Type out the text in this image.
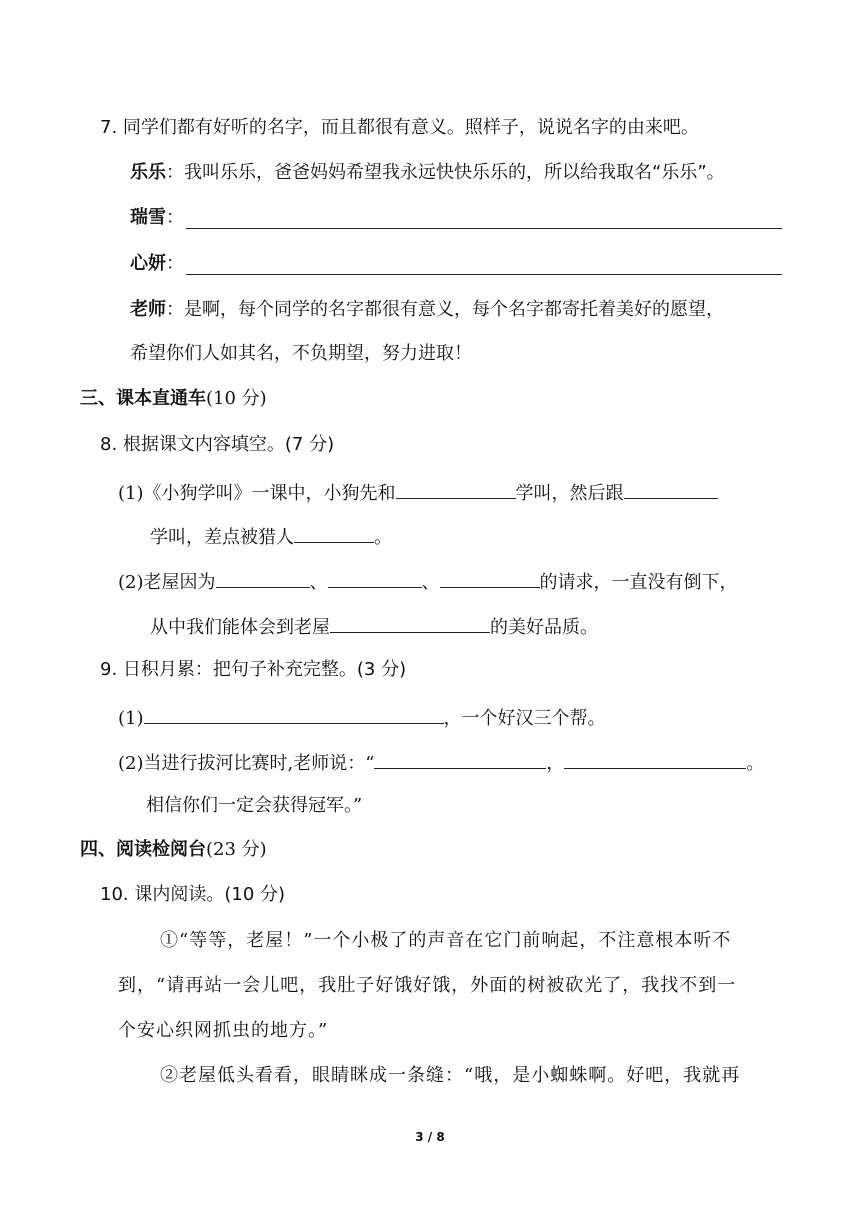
7. 同学们都有好听的名字，而且都很有意义。照样子，说说名字的由来吧。
乐乐：我叫乐乐，爸爸妈妈希望我永远快快乐乐的，所以给我取名“乐乐”。
瑞雪：
心妍：
老师：是啊，每个同学的名字都很有意义，每个名字都寄托着美好的愿望，
希望你们人如其名，不负期望，努力进取！
三、课本直通车(10 分)
8. 根据课文内容填空。(7 分)
(1)《小狗学叫》一课中，小狗先和	学叫，然后跟
学叫，差点被猎人	。
(2)老屋因为	、	、	的请求，一直没有倒下，
从中我们能体会到老屋	的美好品质。
9. 日积月累：把句子补充完整。(3 分)
(1)	，一个好汉三个帮。
(2)当进行拔河比赛时,老师说：“	，	。
相信你们一定会获得冠军。”
四、阅读检阅台(23 分)
10. 课内阅读。(10 分)
①“等等，老屋！”一个小极了的声音在它门前响起，不注意根本听不
到，“请再站一会儿吧，我肚子好饿好饿，外面的树被砍光了，我找不到一
个安心织网抓虫的地方。”
②老屋低头看看，眼睛眯成一条缝：“哦，是小蜘蛛啊。好吧，我就再
3 / 8
